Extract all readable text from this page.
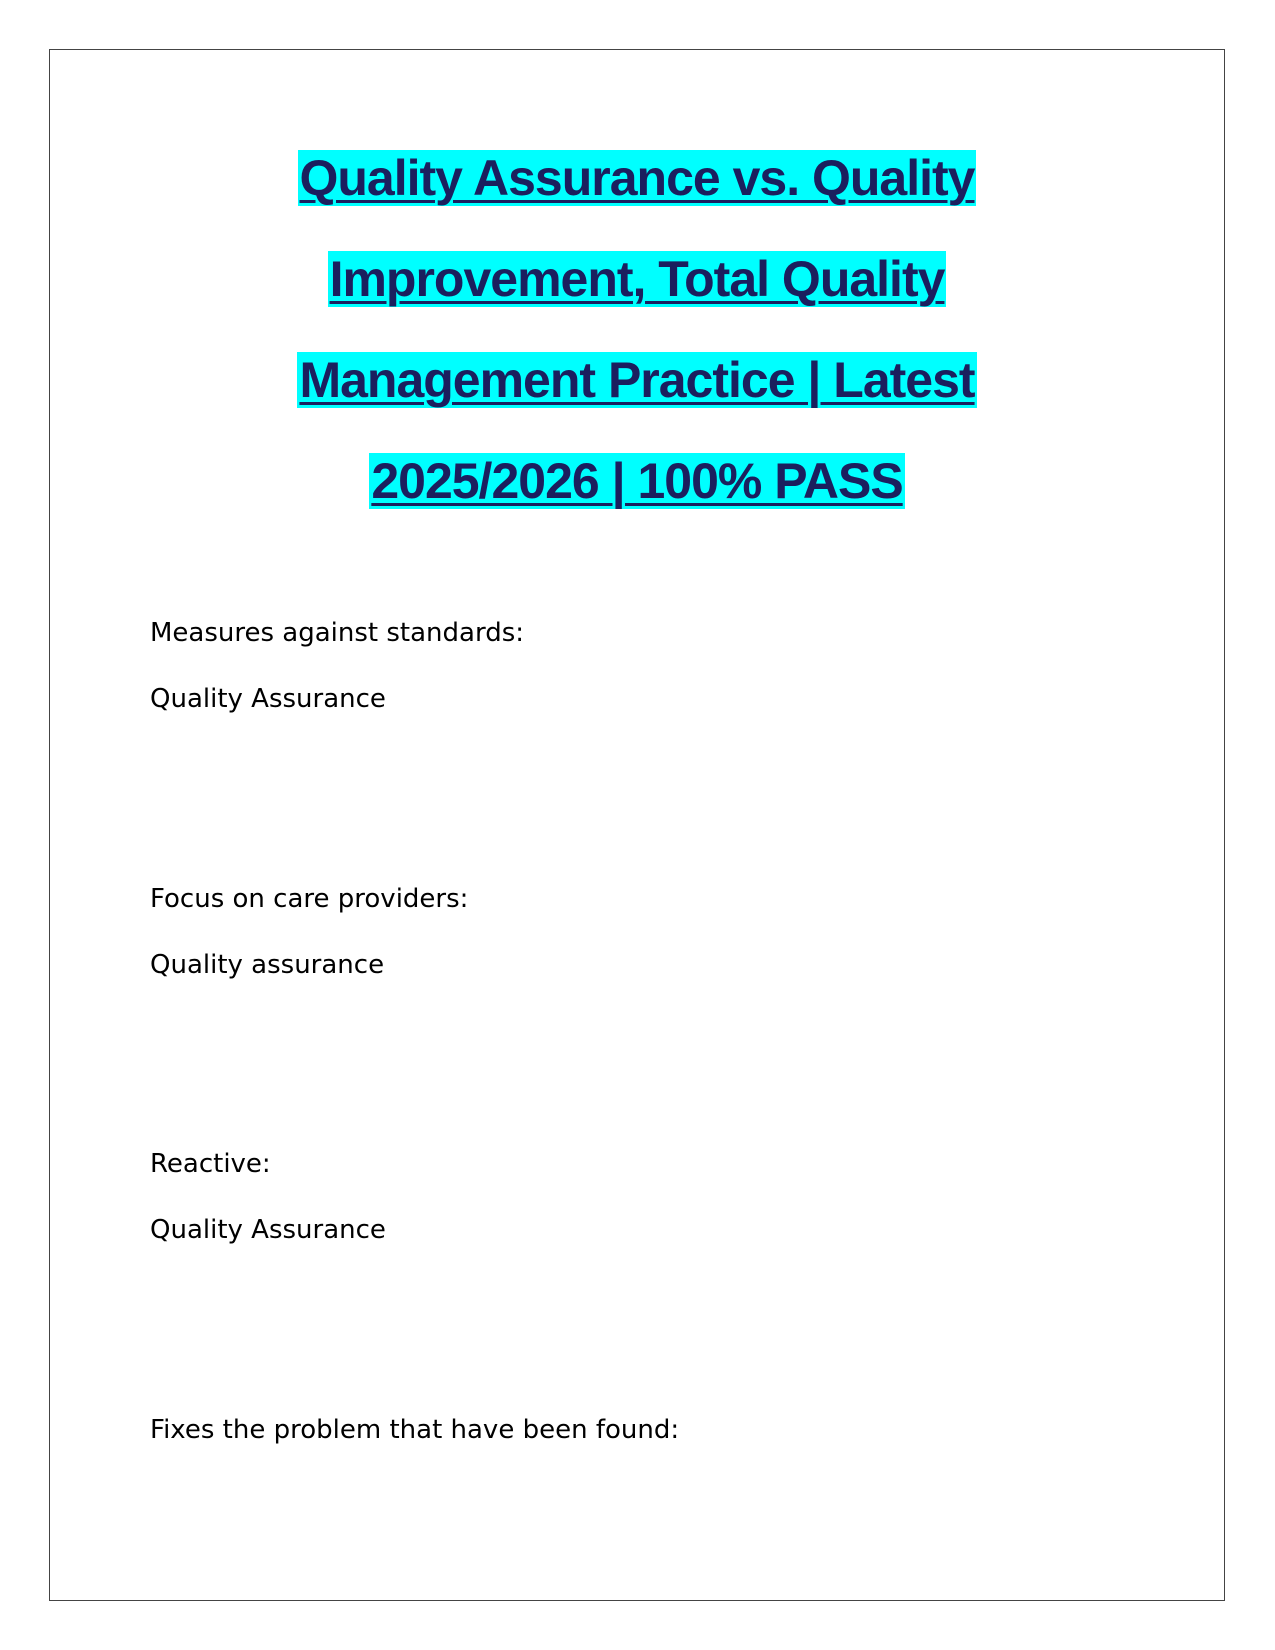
Quality Assurance vs. Quality
Improvement, Total Quality
Management Practice | Latest
2025/2026 | 100% PASS
Measures against standards:
Quality Assurance
Focus on care providers:
Quality assurance
Reactive:
Quality Assurance
Fixes the problem that have been found:
